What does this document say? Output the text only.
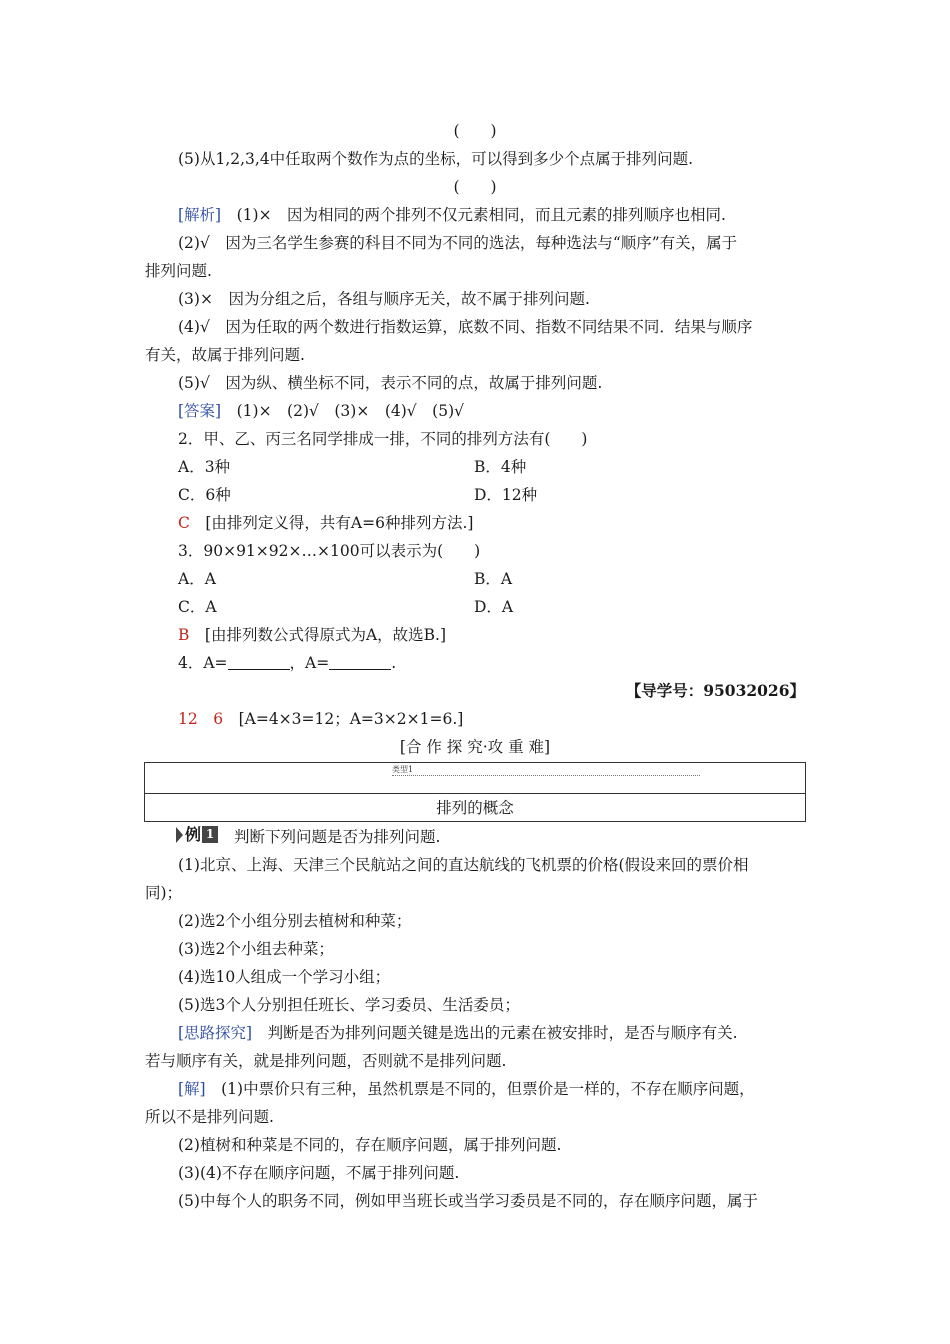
(　　)
(5)从1,2,3,4中任取两个数作为点的坐标，可以得到多少个点属于排列问题.
(　　)
[解析]　(1)×　因为相同的两个排列不仅元素相同，而且元素的排列顺序也相同.
(2)√　因为三名学生参赛的科目不同为不同的选法，每种选法与“顺序”有关，属于
排列问题.
(3)×　因为分组之后，各组与顺序无关，故不属于排列问题.
(4)√　因为任取的两个数进行指数运算，底数不同、指数不同结果不同．结果与顺序
有关，故属于排列问题.
(5)√　因为纵、横坐标不同，表示不同的点，故属于排列问题.
[答案]　(1)×　(2)√　(3)×　(4)√　(5)√
2．甲、乙、丙三名同学排成一排，不同的排列方法有(　　)
A．3种	B．4种
C．6种	D．12种
C　[由排列定义得，共有A=6种排列方法.]
3．90×91×92×…×100可以表示为(　　)
A．A	B．A
C．A	D．A
B　[由排列数公式得原式为A，故选B.]
4．A=	，A=	.
【导学号：95032026】
12　6　[A=4×3=12；A=3×2×1=6.]
[合 作 探 究·攻 重 难]
类型1
排列的概念
例 1 判断下列问题是否为排列问题.
(1)北京、上海、天津三个民航站之间的直达航线的飞机票的价格(假设来回的票价相
同)；
(2)选2个小组分别去植树和种菜；
(3)选2个小组去种菜；
(4)选10人组成一个学习小组；
(5)选3个人分别担任班长、学习委员、生活委员；
[思路探究]　判断是否为排列问题关键是选出的元素在被安排时，是否与顺序有关.
若与顺序有关，就是排列问题，否则就不是排列问题.
[解]　(1)中票价只有三种，虽然机票是不同的，但票价是一样的，不存在顺序问题，
所以不是排列问题.
(2)植树和种菜是不同的，存在顺序问题，属于排列问题.
(3)(4)不存在顺序问题，不属于排列问题.
(5)中每个人的职务不同，例如甲当班长或当学习委员是不同的，存在顺序问题，属于
